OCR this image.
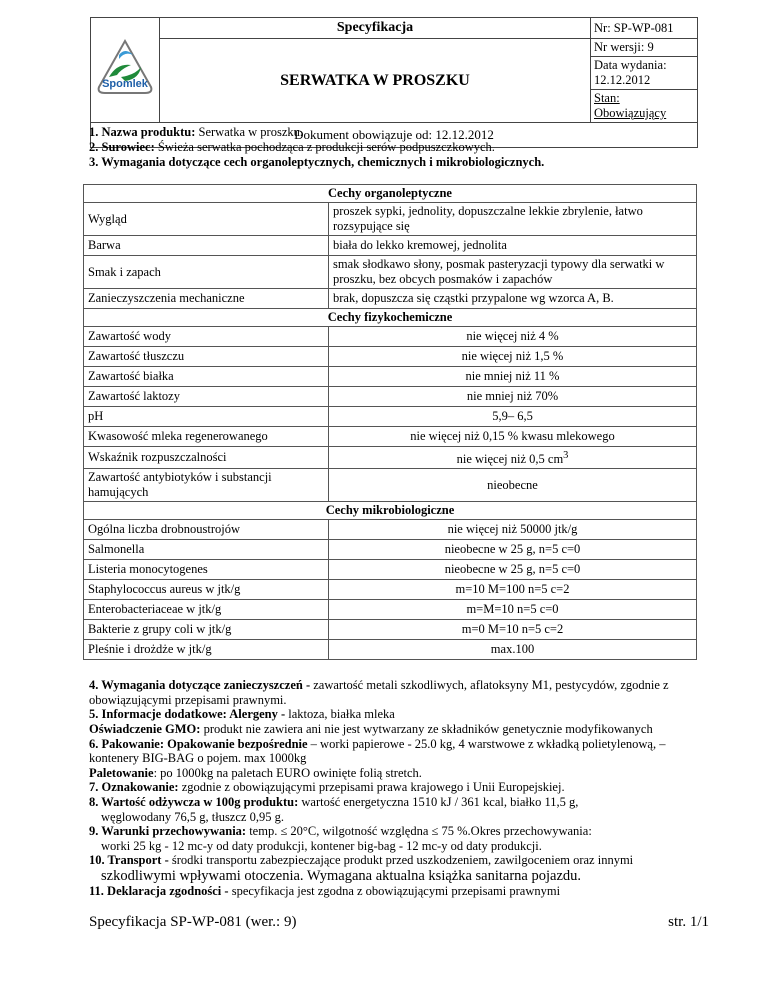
Spomlek	Specyfikacja	Nr: SP-WP-081
	SERWATKA W PROSZKU	Nr wersji: 9
		Data wydania:
12.12.2012
		Stan: Obowiązujący
Dokument obowiązuje od: 12.12.2012		
1. Nazwa produktu: Serwatka w proszku.
2. Surowiec: Świeża serwatka pochodząca z produkcji serów podpuszczkowych.
3. Wymagania dotyczące cech organoleptycznych, chemicznych i mikrobiologicznych.
Cechy organoleptyczne	
Wygląd	proszek sypki, jednolity, dopuszczalne lekkie zbrylenie, łatwo rozsypujące się
Barwa	biała do lekko kremowej, jednolita
Smak i zapach	smak słodkawo słony, posmak pasteryzacji typowy dla serwatki w proszku, bez obcych posmaków i zapachów
Zanieczyszczenia mechaniczne	brak, dopuszcza się cząstki przypalone wg wzorca A, B.
Cechy fizykochemiczne	
Zawartość wody	nie więcej niż 4 %
Zawartość tłuszczu	nie więcej niż 1,5 %
Zawartość białka	nie mniej niż 11 %
Zawartość laktozy	nie mniej niż 70%
pH	5,9– 6,5
Kwasowość mleka regenerowanego	nie więcej niż 0,15 % kwasu mlekowego
Wskaźnik rozpuszczalności	nie więcej niż 0,5 $cm^3$
Zawartość antybiotyków i substancji hamujących	nieobecne
Cechy mikrobiologiczne	
Ogólna liczba drobnoustrojów	nie więcej niż 50000 jtk/g
Salmonella	nieobecne w 25 g, n=5 c=0
Listeria monocytogenes	nieobecne w 25 g, n=5 c=0
Staphylococcus aureus w jtk/g	m=10 M=100 n=5 c=2
Enterobacteriaceae w jtk/g	m=M=10 n=5 c=0
Bakterie z grupy coli w jtk/g	m=0 M=10 n=5 c=2
Pleśnie i drożdże w jtk/g	max.100
4. Wymagania dotyczące zanieczyszczeń - zawartość metali szkodliwych, aflatoksyny M1, pestycydów, zgodnie z obowiązującymi przepisami prawnymi.
5. Informacje dodatkowe: Alergeny - laktoza, białka mleka
Oświadczenie GMO: produkt nie zawiera ani nie jest wytwarzany ze składników genetycznie modyfikowanych
6. Pakowanie: Opakowanie bezpośrednie – worki papierowe - 25.0 kg, 4 warstwowe z wkładką polietylenową, – kontenery BIG-BAG o pojem. max 1000kg
Paletowanie: po 1000kg na paletach EURO owinięte folią stretch.
7. Oznakowanie: zgodnie z obowiązującymi przepisami prawa krajowego i Unii Europejskiej.
8. Wartość odżywcza w 100g produktu: wartość energetyczna 1510 kJ / 361 kcal, białko 11,5 g,
węglowodany 76,5 g, tłuszcz 0,95 g.
9. Warunki przechowywania: temp. ≤ 20°C, wilgotność względna ≤ 75 %.Okres przechowywania:
worki 25 kg - 12 mc-y od daty produkcji, kontener big-bag - 12 mc-y od daty produkcji.
10. Transport - środki transportu zabezpieczające produkt przed uszkodzeniem, zawilgoceniem oraz innymi
szkodliwymi wpływami otoczenia. Wymagana aktualna książka sanitarna pojazdu.
11. Deklaracja zgodności - specyfikacja jest zgodna z obowiązującymi przepisami prawnymi
Specyfikacja SP-WP-081 (wer.: 9)	str. 1/1
